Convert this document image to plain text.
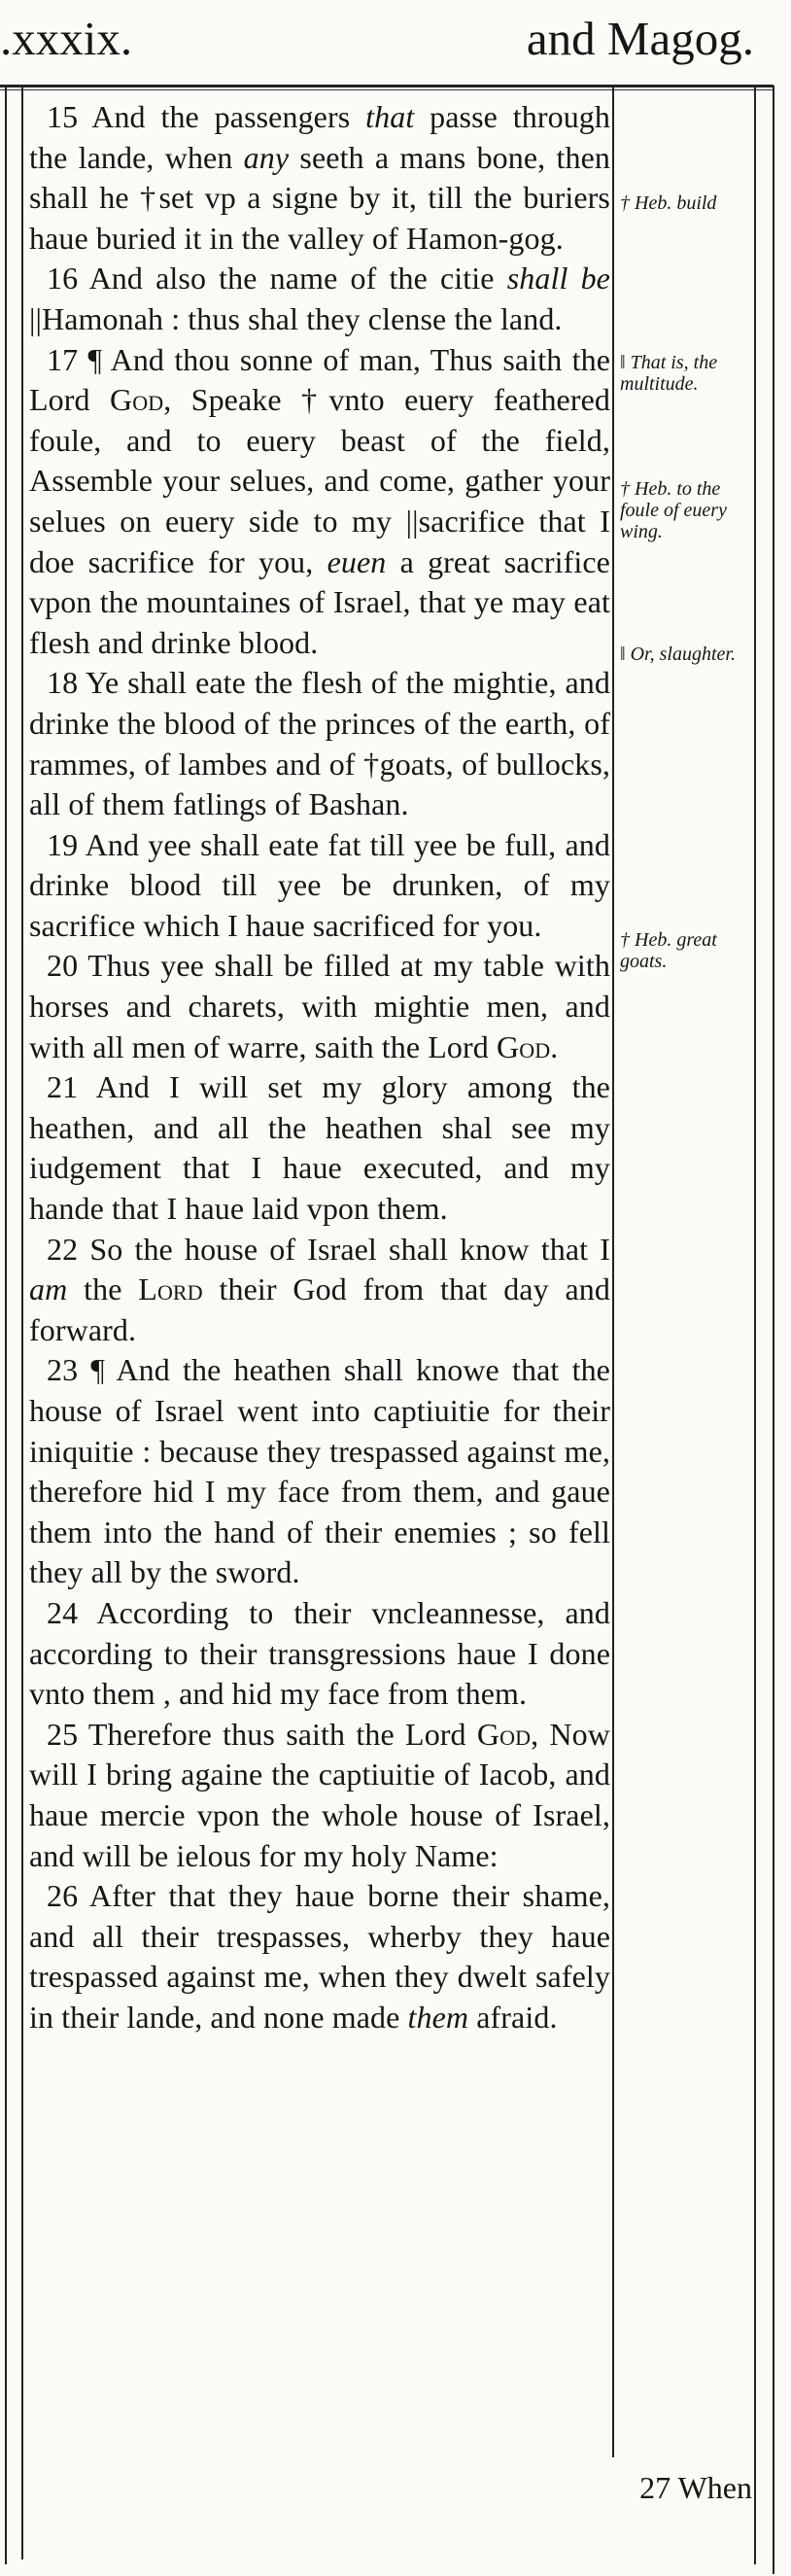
.xxxix.	and Magog.

15 And the passengers that passe through the lande, when any seeth a mans bone, then shall he †set vp a signe by it, till the buriers haue buried it in the valley of Hamon-gog.

16 And also the name of the citie shall be ||Hamonah : thus shal they clense the land.

17 ¶ And thou sonne of man, Thus saith the Lord God, Speake †vnto euery feathered foule, and to euery beast of the field, Assemble your selues, and come, gather your selues on euery side to my ||sacrifice that I doe sacrifice for you, euen a great sacrifice vpon the mountaines of Israel, that ye may eat flesh and drinke blood.

18 Ye shall eate the flesh of the mightie, and drinke the blood of the princes of the earth, of rammes, of lambes and of †goats, of bullocks, all of them fatlings of Bashan.

19 And yee shall eate fat till yee be full, and drinke blood till yee be drunken, of my sacrifice which I haue sacrificed for you.

20 Thus yee shall be filled at my table with horses and charets, with mightie men, and with all men of warre, saith the Lord God.

21 And I will set my glory among the heathen, and all the heathen shal see my iudgement that I haue executed, and my hande that I haue laid vpon them.

22 So the house of Israel shall know that I am the Lord their God from that day and forward.

23 ¶ And the heathen shall knowe that the house of Israel went into captiuitie for their iniquitie : because they trespassed against me, therefore hid I my face from them, and gaue them into the hand of their enemies ; so fell they all by the sword.

24 According to their vncleannesse, and according to their transgressions haue I done vnto them , and hid my face from them.

25 Therefore thus saith the Lord God, Now will I bring againe the captiuitie of Iacob, and haue mercie vpon the whole house of Israel, and will be ielous for my holy Name:

26 After that they haue borne their shame, and all their trespasses, wherby they haue trespassed against me, when they dwelt safely in their lande, and none made them afraid.

† Heb. build
‖ That is, the multitude.
† Heb. to the foule of euery wing.
‖ Or, slaughter.
† Heb. great goats.
27 When
